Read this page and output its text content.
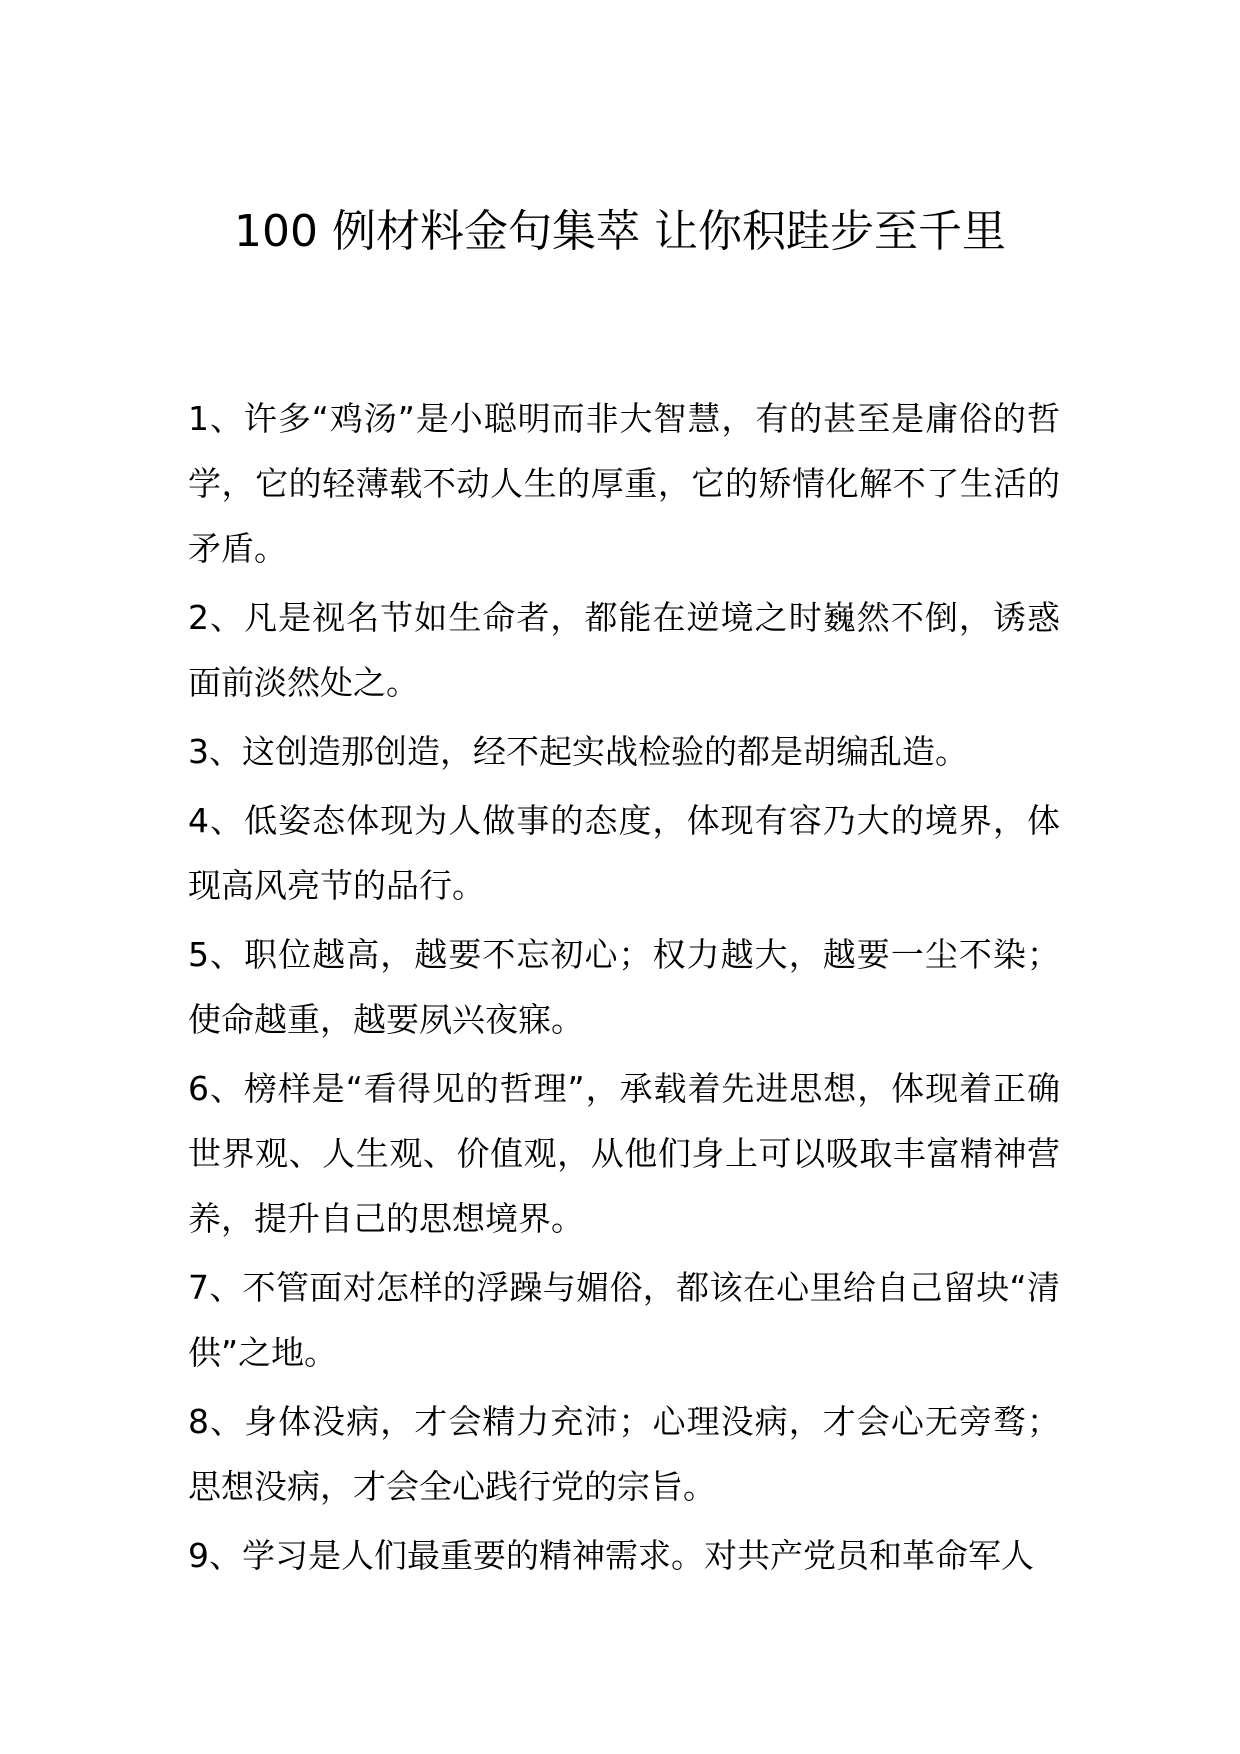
100 例材料金句集萃 让你积跬步至千里

1、许多“鸡汤”是小聪明而非大智慧，有的甚至是庸俗的哲学，它的轻薄载不动人生的厚重，它的矫情化解不了生活的矛盾。

2、凡是视名节如生命者，都能在逆境之时巍然不倒，诱惑面前淡然处之。

3、这创造那创造，经不起实战检验的都是胡编乱造。

4、低姿态体现为人做事的态度，体现有容乃大的境界，体现高风亮节的品行。

5、职位越高，越要不忘初心；权力越大，越要一尘不染；使命越重，越要夙兴夜寐。

6、榜样是“看得见的哲理”，承载着先进思想，体现着正确世界观、人生观、价值观，从他们身上可以吸取丰富精神营养，提升自己的思想境界。

7、不管面对怎样的浮躁与媚俗，都该在心里给自己留块“清供”之地。

8、身体没病，才会精力充沛；心理没病，才会心无旁骛；思想没病，才会全心践行党的宗旨。

9、学习是人们最重要的精神需求。对共产党员和革命军人
